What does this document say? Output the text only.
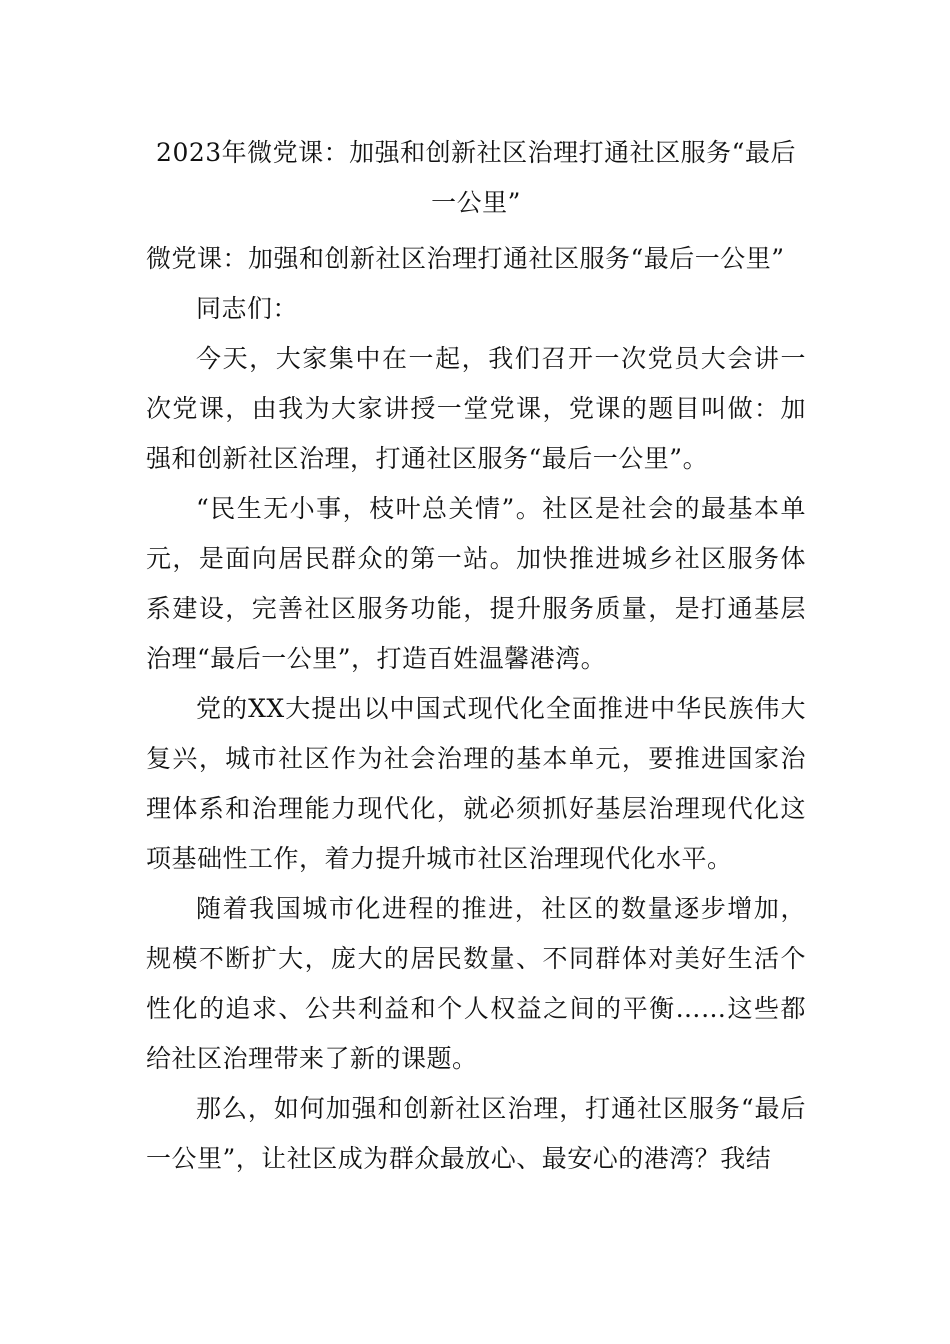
2023年微党课：加强和创新社区治理打通社区服务“最后一公里”

微党课：加强和创新社区治理打通社区服务“最后一公里”

同志们：

今天，大家集中在一起，我们召开一次党员大会讲一次党课，由我为大家讲授一堂党课，党课的题目叫做：加强和创新社区治理，打通社区服务“最后一公里”。

“民生无小事，枝叶总关情”。社区是社会的最基本单元，是面向居民群众的第一站。加快推进城乡社区服务体系建设，完善社区服务功能，提升服务质量，是打通基层治理“最后一公里”，打造百姓温馨港湾。

党的XX大提出以中国式现代化全面推进中华民族伟大复兴，城市社区作为社会治理的基本单元，要推进国家治理体系和治理能力现代化，就必须抓好基层治理现代化这项基础性工作，着力提升城市社区治理现代化水平。

随着我国城市化进程的推进，社区的数量逐步增加，规模不断扩大，庞大的居民数量、不同群体对美好生活个性化的追求、公共利益和个人权益之间的平衡……这些都给社区治理带来了新的课题。

那么，如何加强和创新社区治理，打通社区服务“最后一公里”，让社区成为群众最放心、最安心的港湾？我结
